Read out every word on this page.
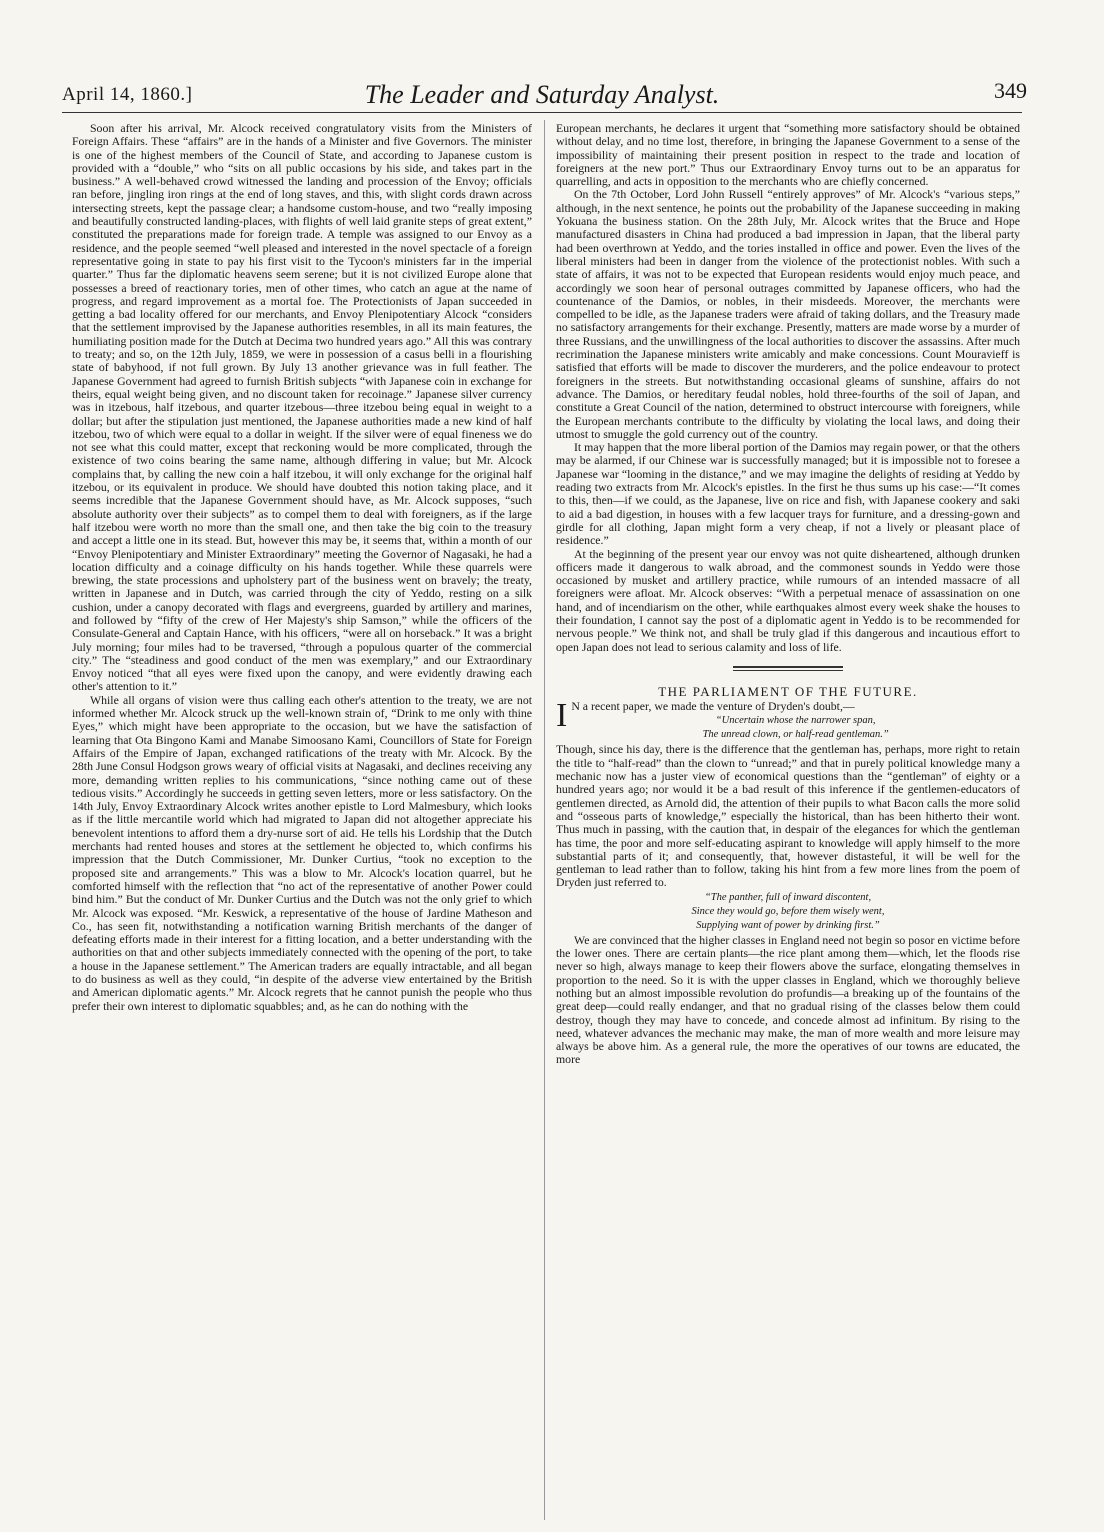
April 14, 1860.]	The Leader and Saturday Analyst.	349

Soon after his arrival, Mr. Alcock received congratulatory visits from the Ministers of Foreign Affairs. These “affairs” are in the hands of a Minister and five Governors. The minister is one of the highest members of the Council of State, and according to Japanese custom is provided with a “double,” who “sits on all public occasions by his side, and takes part in the business.” A well-behaved crowd witnessed the landing and procession of the Envoy; officials ran before, jingling iron rings at the end of long staves, and this, with slight cords drawn across intersecting streets, kept the passage clear; a handsome custom-house, and two “really imposing and beautifully constructed landing-places, with flights of well laid granite steps of great extent,” constituted the preparations made for foreign trade. A temple was assigned to our Envoy as a residence, and the people seemed “well pleased and interested in the novel spectacle of a foreign representative going in state to pay his first visit to the Tycoon's ministers far in the imperial quarter.” Thus far the diplomatic heavens seem serene; but it is not civilized Europe alone that possesses a breed of reactionary tories, men of other times, who catch an ague at the name of progress, and regard improvement as a mortal foe. The Protectionists of Japan succeeded in getting a bad locality offered for our merchants, and Envoy Plenipotentiary Alcock “considers that the settlement improvised by the Japanese authorities resembles, in all its main features, the humiliating position made for the Dutch at Decima two hundred years ago.” All this was contrary to treaty; and so, on the 12th July, 1859, we were in possession of a casus belli in a flourishing state of babyhood, if not full grown. By July 13 another grievance was in full feather. The Japanese Government had agreed to furnish British subjects “with Japanese coin in exchange for theirs, equal weight being given, and no discount taken for recoinage.” Japanese silver currency was in itzebous, half itzebous, and quarter itzebous—three itzebou being equal in weight to a dollar; but after the stipulation just mentioned, the Japanese authorities made a new kind of half itzebou, two of which were equal to a dollar in weight. If the silver were of equal fineness we do not see what this could matter, except that reckoning would be more complicated, through the existence of two coins bearing the same name, although differing in value; but Mr. Alcock complains that, by calling the new coin a half itzebou, it will only exchange for the original half itzebou, or its equivalent in produce. We should have doubted this notion taking place, and it seems incredible that the Japanese Government should have, as Mr. Alcock supposes, “such absolute authority over their subjects” as to compel them to deal with foreigners, as if the large half itzebou were worth no more than the small one, and then take the big coin to the treasury and accept a little one in its stead. But, however this may be, it seems that, within a month of our “Envoy Plenipotentiary and Minister Extraordinary” meeting the Governor of Nagasaki, he had a location difficulty and a coinage difficulty on his hands together. While these quarrels were brewing, the state processions and upholstery part of the business went on bravely; the treaty, written in Japanese and in Dutch, was carried through the city of Yeddo, resting on a silk cushion, under a canopy decorated with flags and evergreens, guarded by artillery and marines, and followed by “fifty of the crew of Her Majesty's ship Samson,” while the officers of the Consulate-General and Captain Hance, with his officers, “were all on horseback.” It was a bright July morning; four miles had to be traversed, “through a populous quarter of the commercial city.” The “steadiness and good conduct of the men was exemplary,” and our Extraordinary Envoy noticed “that all eyes were fixed upon the canopy, and were evidently drawing each other's attention to it.”

While all organs of vision were thus calling each other's attention to the treaty, we are not informed whether Mr. Alcock struck up the well-known strain of, “Drink to me only with thine Eyes,” which might have been appropriate to the occasion, but we have the satisfaction of learning that Ota Bingono Kami and Manabe Simoosano Kami, Councillors of State for Foreign Affairs of the Empire of Japan, exchanged ratifications of the treaty with Mr. Alcock. By the 28th June Consul Hodgson grows weary of official visits at Nagasaki, and declines receiving any more, demanding written replies to his communications, “since nothing came out of these tedious visits.” Accordingly he succeeds in getting seven letters, more or less satisfactory. On the 14th July, Envoy Extraordinary Alcock writes another epistle to Lord Malmesbury, which looks as if the little mercantile world which had migrated to Japan did not altogether appreciate his benevolent intentions to afford them a dry-nurse sort of aid. He tells his Lordship that the Dutch merchants had rented houses and stores at the settlement he objected to, which confirms his impression that the Dutch Commissioner, Mr. Dunker Curtius, “took no exception to the proposed site and arrangements.” This was a blow to Mr. Alcock's location quarrel, but he comforted himself with the reflection that “no act of the representative of another Power could bind him.” But the conduct of Mr. Dunker Curtius and the Dutch was not the only grief to which Mr. Alcock was exposed. “Mr. Keswick, a representative of the house of Jardine Matheson and Co., has seen fit, notwithstanding a notification warning British merchants of the danger of defeating efforts made in their interest for a fitting location, and a better understanding with the authorities on that and other subjects immediately connected with the opening of the port, to take a house in the Japanese settlement.” The American traders are equally intractable, and all began to do business as well as they could, “in despite of the adverse view entertained by the British and American diplomatic agents.” Mr. Alcock regrets that he cannot punish the people who thus prefer their own interest to diplomatic squabbles; and, as he can do nothing with the

European merchants, he declares it urgent that “something more satisfactory should be obtained without delay, and no time lost, therefore, in bringing the Japanese Government to a sense of the impossibility of maintaining their present position in respect to the trade and location of foreigners at the new port.” Thus our Extraordinary Envoy turns out to be an apparatus for quarrelling, and acts in opposition to the merchants who are chiefly concerned.

On the 7th October, Lord John Russell “entirely approves” of Mr. Alcock's “various steps,” although, in the next sentence, he points out the probability of the Japanese succeeding in making Yokuana the business station. On the 28th July, Mr. Alcock writes that the Bruce and Hope manufactured disasters in China had produced a bad impression in Japan, that the liberal party had been overthrown at Yeddo, and the tories installed in office and power. Even the lives of the liberal ministers had been in danger from the violence of the protectionist nobles. With such a state of affairs, it was not to be expected that European residents would enjoy much peace, and accordingly we soon hear of personal outrages committed by Japanese officers, who had the countenance of the Damios, or nobles, in their misdeeds. Moreover, the merchants were compelled to be idle, as the Japanese traders were afraid of taking dollars, and the Treasury made no satisfactory arrangements for their exchange. Presently, matters are made worse by a murder of three Russians, and the unwillingness of the local authorities to discover the assassins. After much recrimination the Japanese ministers write amicably and make concessions. Count Mouravieff is satisfied that efforts will be made to discover the murderers, and the police endeavour to protect foreigners in the streets. But notwithstanding occasional gleams of sunshine, affairs do not advance. The Damios, or hereditary feudal nobles, hold three-fourths of the soil of Japan, and constitute a Great Council of the nation, determined to obstruct intercourse with foreigners, while the European merchants contribute to the difficulty by violating the local laws, and doing their utmost to smuggle the gold currency out of the country.

It may happen that the more liberal portion of the Damios may regain power, or that the others may be alarmed, if our Chinese war is successfully managed; but it is impossible not to foresee a Japanese war “looming in the distance,” and we may imagine the delights of residing at Yeddo by reading two extracts from Mr. Alcock's epistles. In the first he thus sums up his case:—“It comes to this, then—if we could, as the Japanese, live on rice and fish, with Japanese cookery and saki to aid a bad digestion, in houses with a few lacquer trays for furniture, and a dressing-gown and girdle for all clothing, Japan might form a very cheap, if not a lively or pleasant place of residence.”

At the beginning of the present year our envoy was not quite disheartened, although drunken officers made it dangerous to walk abroad, and the commonest sounds in Yeddo were those occasioned by musket and artillery practice, while rumours of an intended massacre of all foreigners were afloat. Mr. Alcock observes: “With a perpetual menace of assassination on one hand, and of incendiarism on the other, while earthquakes almost every week shake the houses to their foundation, I cannot say the post of a diplomatic agent in Yeddo is to be recommended for nervous people.” We think not, and shall be truly glad if this dangerous and incautious effort to open Japan does not lead to serious calamity and loss of life.

THE PARLIAMENT OF THE FUTURE.

I N a recent paper, we made the venture of Dryden's doubt,—

“Uncertain whose the narrower span,
The unread clown, or half-read gentleman.”

Though, since his day, there is the difference that the gentleman has, perhaps, more right to retain the title to “half-read” than the clown to “unread;” and that in purely political knowledge many a mechanic now has a juster view of economical questions than the “gentleman” of eighty or a hundred years ago; nor would it be a bad result of this inference if the gentlemen-educators of gentlemen directed, as Arnold did, the attention of their pupils to what Bacon calls the more solid and “osseous parts of knowledge,” especially the historical, than has been hitherto their wont. Thus much in passing, with the caution that, in despair of the elegances for which the gentleman has time, the poor and more self-educating aspirant to knowledge will apply himself to the more substantial parts of it; and consequently, that, however distasteful, it will be well for the gentleman to lead rather than to follow, taking his hint from a few more lines from the poem of Dryden just referred to.

“The panther, full of inward discontent,
Since they would go, before them wisely went,
Supplying want of power by drinking first.”

We are convinced that the higher classes in England need not begin so posor en victime before the lower ones. There are certain plants—the rice plant among them—which, let the floods rise never so high, always manage to keep their flowers above the surface, elongating themselves in proportion to the need. So it is with the upper classes in England, which we thoroughly believe nothing but an almost impossible revolution do profundis—a breaking up of the fountains of the great deep—could really endanger, and that no gradual rising of the classes below them could destroy, though they may have to concede, and concede almost ad infinitum. By rising to the need, whatever advances the mechanic may make, the man of more wealth and more leisure may always be above him. As a general rule, the more the operatives of our towns are educated, the more
